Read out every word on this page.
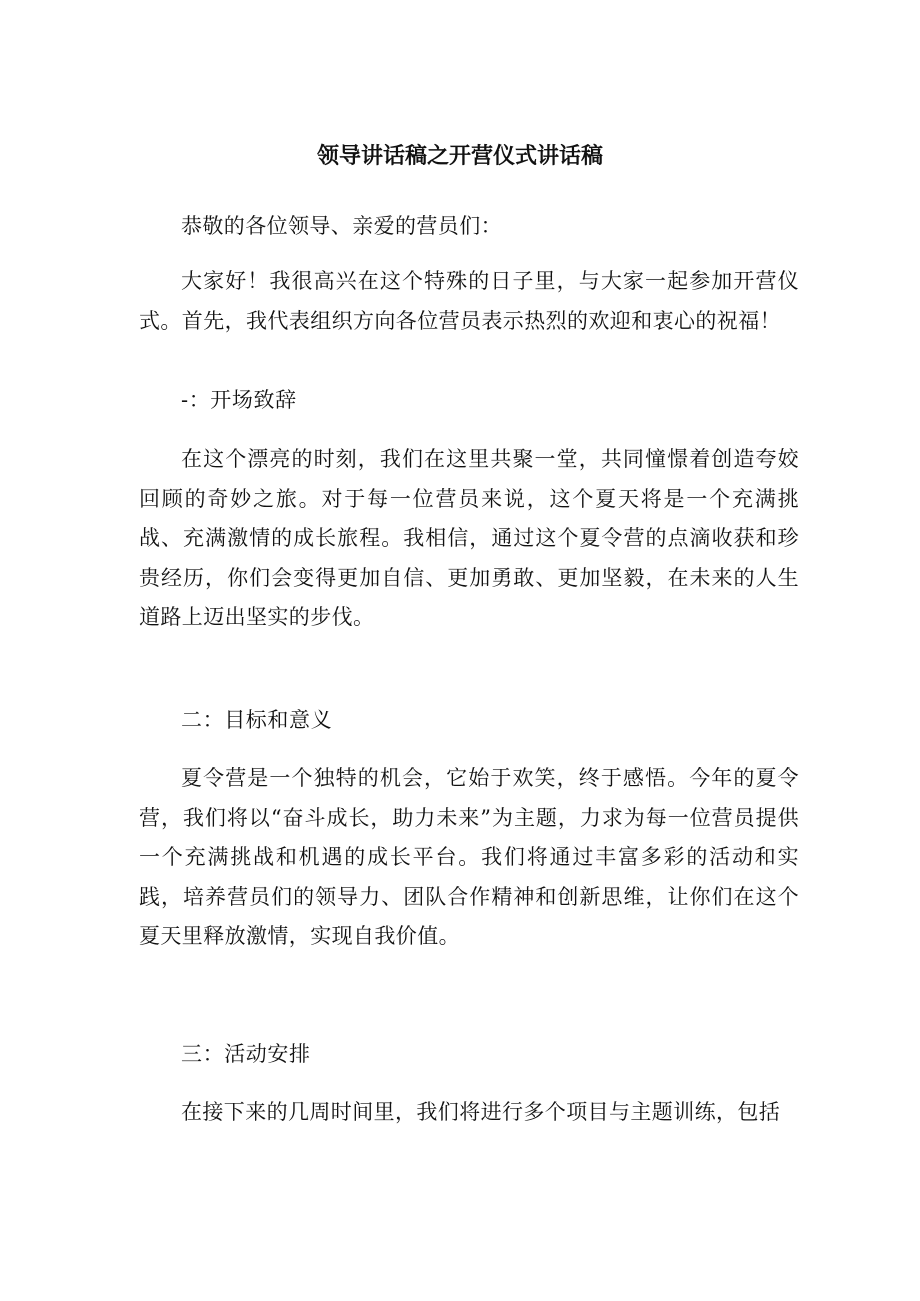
领导讲话稿之开营仪式讲话稿
恭敬的各位领导、亲爱的营员们：
大家好！我很高兴在这个特殊的日子里，与大家一起参加开营仪式。首先，我代表组织方向各位营员表示热烈的欢迎和衷心的祝福！
-：开场致辞
在这个漂亮的时刻，我们在这里共聚一堂，共同憧憬着创造夸姣回顾的奇妙之旅。对于每一位营员来说，这个夏天将是一个充满挑战、充满激情的成长旅程。我相信，通过这个夏令营的点滴收获和珍贵经历，你们会变得更加自信、更加勇敢、更加坚毅，在未来的人生道路上迈出坚实的步伐。
二：目标和意义
夏令营是一个独特的机会，它始于欢笑，终于感悟。今年的夏令营，我们将以“奋斗成长，助力未来”为主题，力求为每一位营员提供一个充满挑战和机遇的成长平台。我们将通过丰富多彩的活动和实践，培养营员们的领导力、团队合作精神和创新思维，让你们在这个夏天里释放激情，实现自我价值。
三：活动安排
在接下来的几周时间里，我们将进行多个项目与主题训练，包括
